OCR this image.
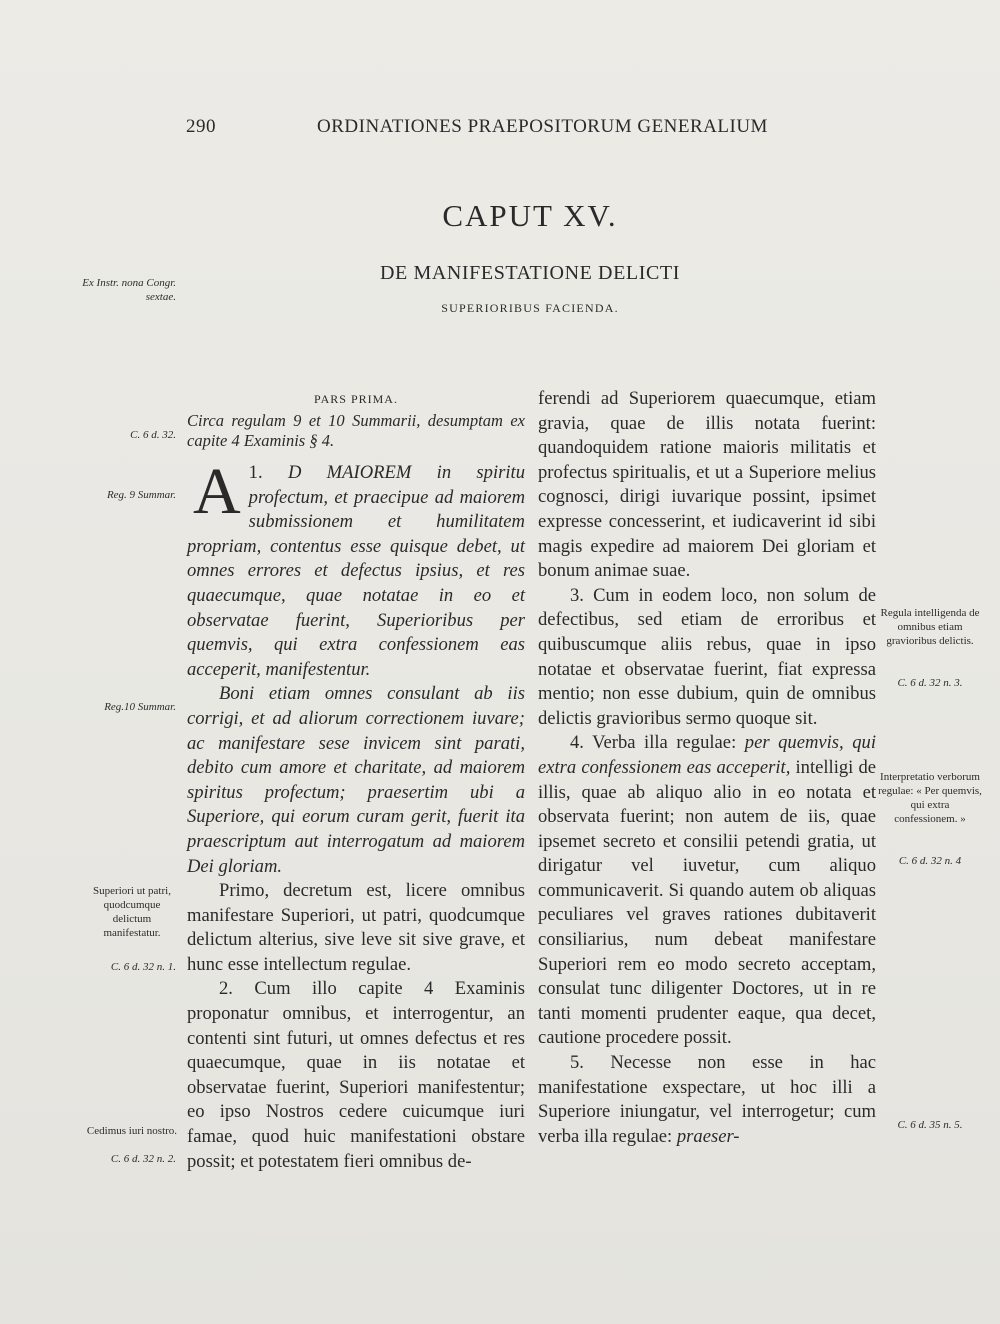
290	ORDINATIONES PRAEPOSITORUM GENERALIUM
CAPUT XV.
DE MANIFESTATIONE DELICTI
SUPERIORIBUS FACIENDA.
Ex Instr. nona Congr. sextae.
C. 6 d. 32.
Reg. 9 Summar.
Reg.10 Summar.
Superiori ut patri, quodcumque delictum manifestatur.
C. 6 d. 32 n. 1.
Cedimus iuri nostro.
C. 6 d. 32 n. 2.
Regula intelligenda de omnibus etiam gravioribus delictis.
C. 6 d. 32 n. 3.
Interpretatio verborum regulae: « Per quemvis, qui extra confessionem. »
C. 6 d. 32 n. 4
C. 6 d. 35 n. 5.

PARS PRIMA.

Circa regulam 9 et 10 Summarii, desumptam ex capite 4 Examinis § 4.

1.
A	D MAIOREM in spiritu profectum, et praecipue ad maiorem submissionem et humilitatem propriam, contentus esse quisque debet, ut omnes errores et defectus ipsius, et res quaecumque, quae notatae in eo et observatae fuerint, Superioribus per quemvis, qui extra confessionem eas acceperit, manifestentur.

Boni etiam omnes consulant ab iis corrigi, et ad aliorum correctionem iuvare; ac manifestare sese invicem sint parati, debito cum amore et charitate, ad maiorem spiritus profectum; praesertim ubi a Superiore, qui eorum curam gerit, fuerit ita praescriptum aut interrogatum ad maiorem Dei gloriam.

Primo, decretum est, licere omnibus manifestare Superiori, ut patri, quodcumque delictum alterius, sive leve sit sive grave, et hunc esse intellectum regulae.

2. Cum illo capite 4 Examinis proponatur omnibus, et interrogentur, an contenti sint futuri, ut omnes defectus et res quaecumque, quae in iis notatae et observatae fuerint, Superiori manifestentur; eo ipso Nostros cedere cuicumque iuri famae, quod huic manifestationi obstare possit; et potestatem fieri omnibus de-

ferendi ad Superiorem quaecumque, etiam gravia, quae de illis notata fuerint: quandoquidem ratione maioris militatis et profectus spiritualis, et ut a Superiore melius cognosci, dirigi iuvarique possint, ipsimet expresse concesserint, et iudicaverint id sibi magis expedire ad maiorem Dei gloriam et bonum animae suae.

3. Cum in eodem loco, non solum de defectibus, sed etiam de erroribus et quibuscumque aliis rebus, quae in ipso notatae et observatae fuerint, fiat expressa mentio; non esse dubium, quin de omnibus delictis gravioribus sermo quoque sit.

4. Verba illa regulae: per quemvis, qui extra confessionem eas acceperit, intelligi de illis, quae ab aliquo alio in eo notata et observata fuerint; non autem de iis, quae ipsemet secreto et consilii petendi gratia, ut dirigatur vel iuvetur, cum aliquo communicaverit. Si quando autem ob aliquas peculiares vel graves rationes dubitaverit consiliarius, num debeat manifestare Superiori rem eo modo secreto acceptam, consulat tunc diligenter Doctores, ut in re tanti momenti prudenter eaque, qua decet, cautione procedere possit.

5. Necesse non esse in hac manifestatione exspectare, ut hoc illi a Superiore iniungatur, vel interrogetur; cum verba illa regulae: praeser-
